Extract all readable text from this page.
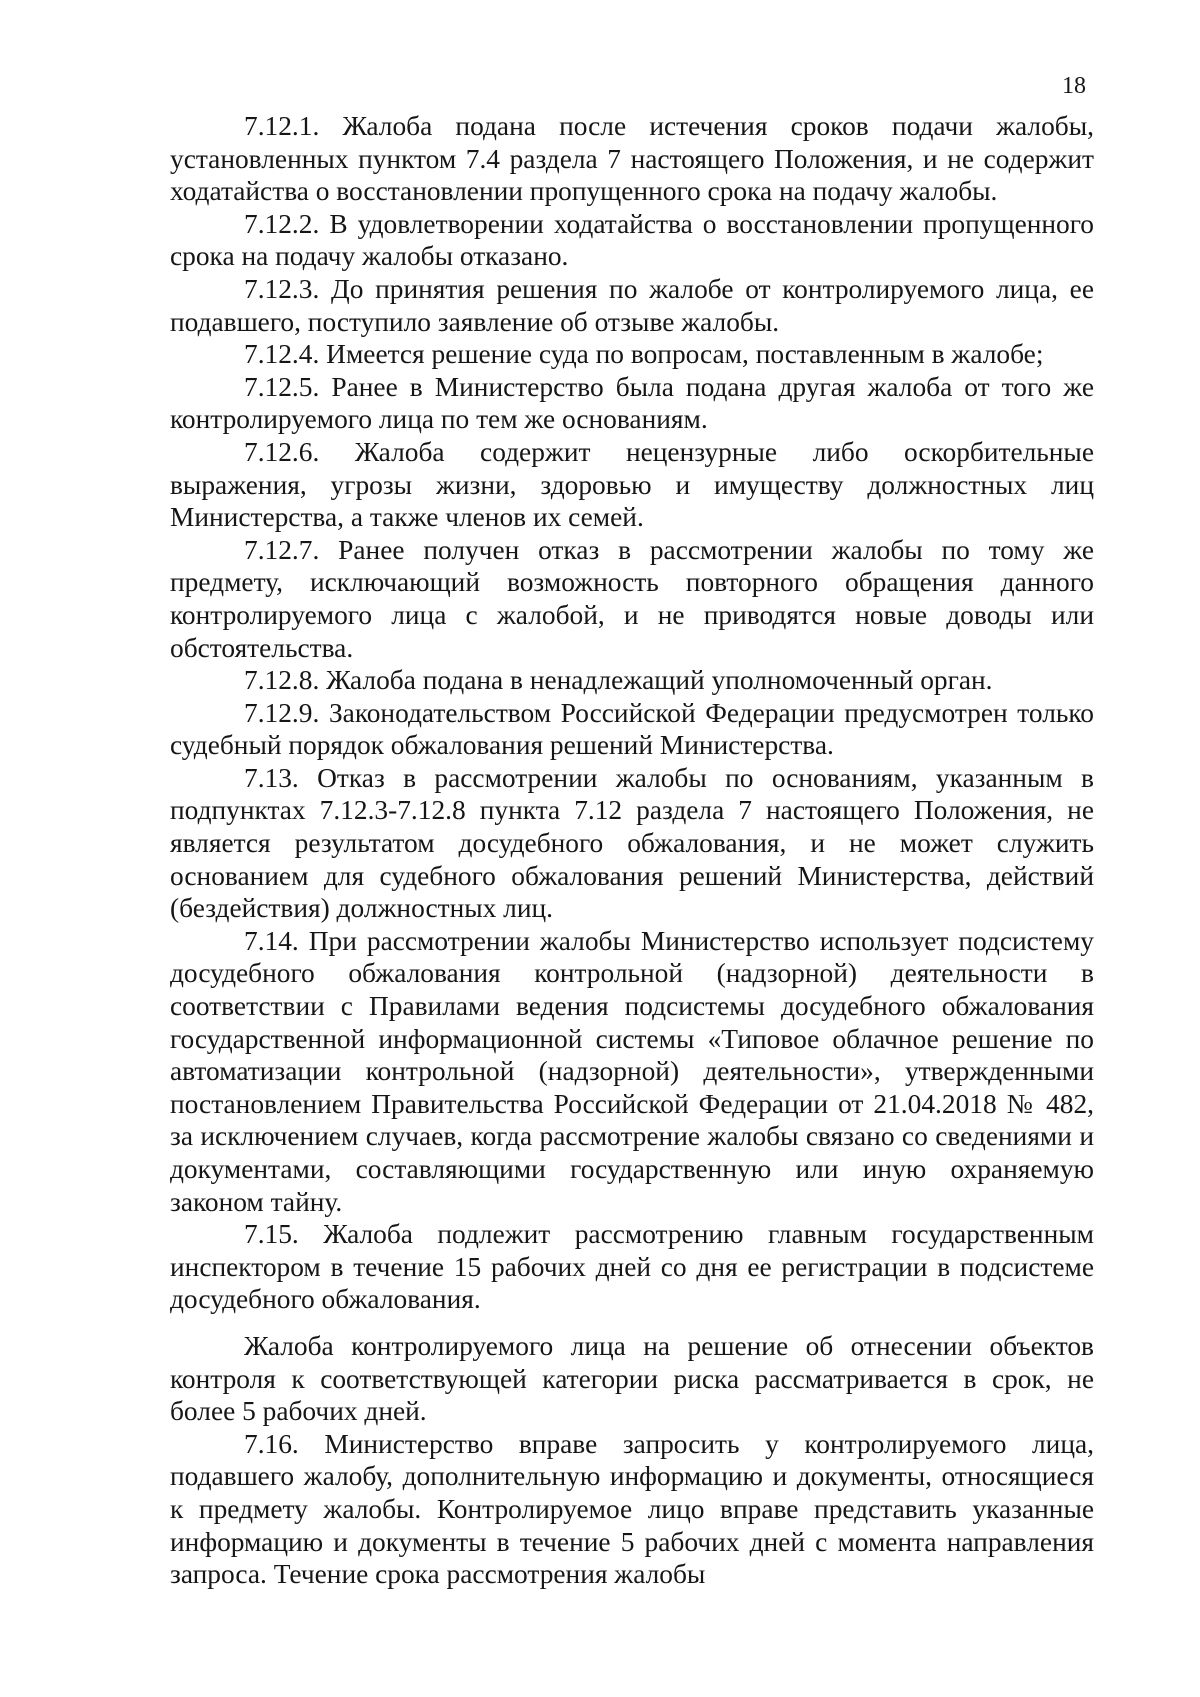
18

7.12.1. Жалоба подана после истечения сроков подачи жалобы, установленных пунктом 7.4 раздела 7 настоящего Положения, и не содержит ходатайства о восстановлении пропущенного срока на подачу жалобы.

7.12.2. В удовлетворении ходатайства о восстановлении пропущенного срока на подачу жалобы отказано.

7.12.3. До принятия решения по жалобе от контролируемого лица, ее подавшего, поступило заявление об отзыве жалобы.

7.12.4. Имеется решение суда по вопросам, поставленным в жалобе;

7.12.5. Ранее в Министерство была подана другая жалоба от того же контролируемого лица по тем же основаниям.

7.12.6. Жалоба содержит нецензурные либо оскорбительные выражения, угрозы жизни, здоровью и имуществу должностных лиц Министерства, а также членов их семей.

7.12.7. Ранее получен отказ в рассмотрении жалобы по тому же предмету, исключающий возможность повторного обращения данного контролируемого лица с жалобой, и не приводятся новые доводы или обстоятельства.

7.12.8. Жалоба подана в ненадлежащий уполномоченный орган.

7.12.9. Законодательством Российской Федерации предусмотрен только судебный порядок обжалования решений Министерства.

7.13. Отказ в рассмотрении жалобы по основаниям, указанным в подпунктах 7.12.3-7.12.8 пункта 7.12 раздела 7 настоящего Положения, не является результатом досудебного обжалования, и не может служить основанием для судебного обжалования решений Министерства, действий (бездействия) должностных лиц.

7.14. При рассмотрении жалобы Министерство использует подсистему досудебного обжалования контрольной (надзорной) деятельности в соответствии с Правилами ведения подсистемы досудебного обжалования государственной информационной системы «Типовое облачное решение по автоматизации контрольной (надзорной) деятельности», утвержденными постановлением Правительства Российской Федерации от 21.04.2018 № 482, за исключением случаев, когда рассмотрение жалобы связано со сведениями и документами, составляющими государственную или иную охраняемую законом тайну.

7.15. Жалоба подлежит рассмотрению главным государственным инспектором в течение 15 рабочих дней со дня ее регистрации в подсистеме досудебного обжалования.

Жалоба контролируемого лица на решение об отнесении объектов контроля к соответствующей категории риска рассматривается в срок, не более 5 рабочих дней.

7.16. Министерство вправе запросить у контролируемого лица, подавшего жалобу, дополнительную информацию и документы, относящиеся к предмету жалобы. Контролируемое лицо вправе представить указанные информацию и документы в течение 5 рабочих дней с момента направления запроса. Течение срока рассмотрения жалобы
